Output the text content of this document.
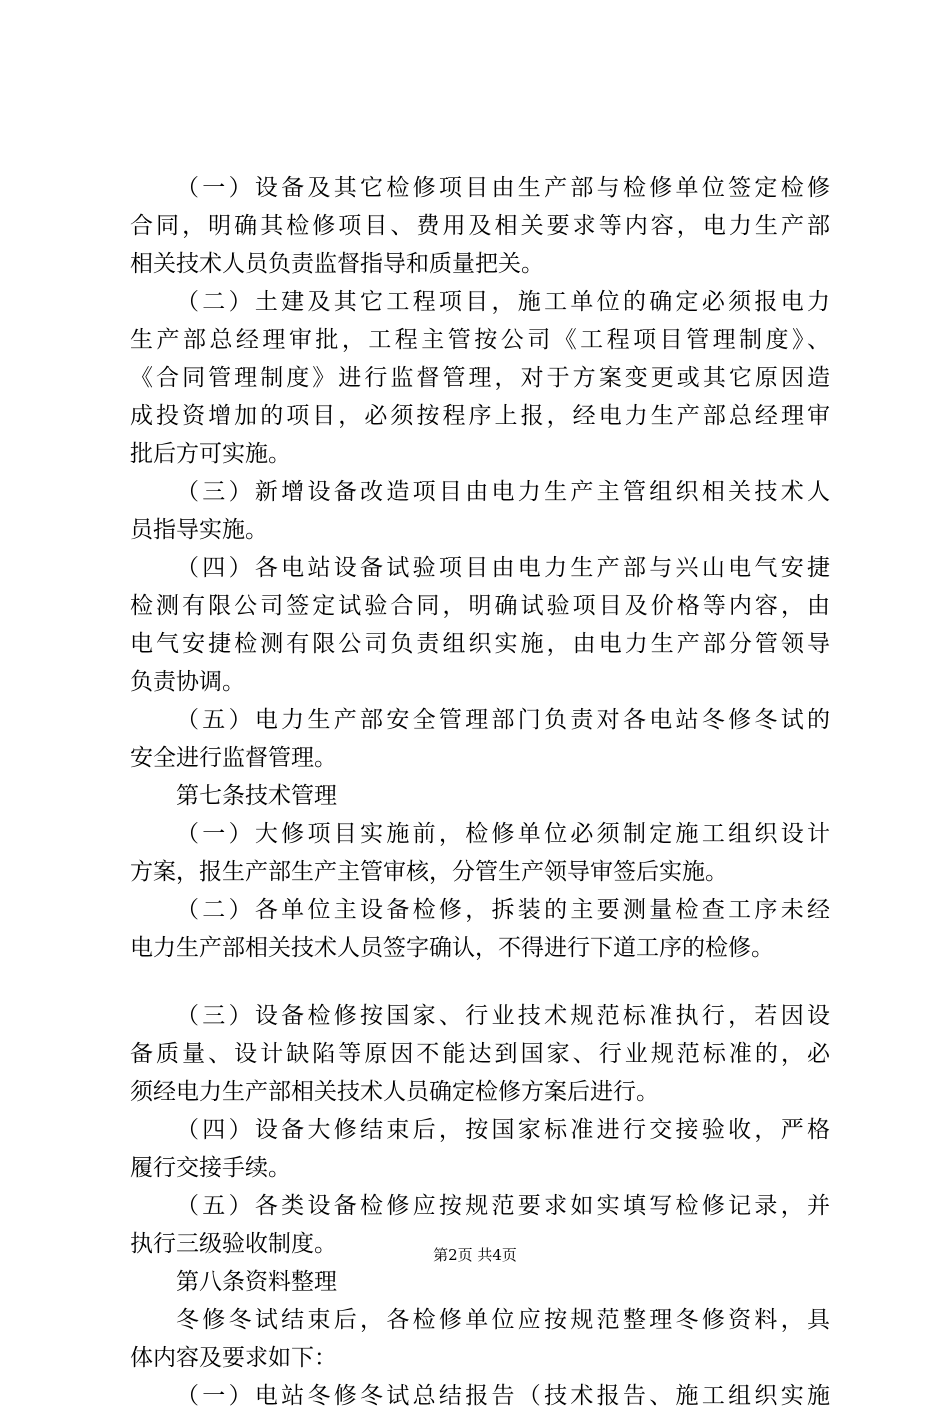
（一）设备及其它检修项目由生产部与检修单位签定检修
合同，明确其检修项目、费用及相关要求等内容，电力生产部
相关技术人员负责监督指导和质量把关。
（二）土建及其它工程项目，施工单位的确定必须报电力
生产部总经理审批，工程主管按公司《工程项目管理制度》、
《合同管理制度》进行监督管理，对于方案变更或其它原因造
成投资增加的项目，必须按程序上报，经电力生产部总经理审
批后方可实施。
（三）新增设备改造项目由电力生产主管组织相关技术人
员指导实施。
（四）各电站设备试验项目由电力生产部与兴山电气安捷
检测有限公司签定试验合同，明确试验项目及价格等内容，由
电气安捷检测有限公司负责组织实施，由电力生产部分管领导
负责协调。
（五）电力生产部安全管理部门负责对各电站冬修冬试的
安全进行监督管理。
第七条技术管理
（一）大修项目实施前，检修单位必须制定施工组织设计
方案，报生产部生产主管审核，分管生产领导审签后实施。
（二）各单位主设备检修，拆装的主要测量检查工序未经
电力生产部相关技术人员签字确认，不得进行下道工序的检修。
（三）设备检修按国家、行业技术规范标准执行，若因设
备质量、设计缺陷等原因不能达到国家、行业规范标准的，必
须经电力生产部相关技术人员确定检修方案后进行。
（四）设备大修结束后，按国家标准进行交接验收，严格
履行交接手续。
（五）各类设备检修应按规范要求如实填写检修记录，并
执行三级验收制度。
第八条资料整理
冬修冬试结束后，各检修单位应按规范整理冬修资料，具
体内容及要求如下：
（一）电站冬修冬试总结报告（技术报告、施工组织实施
第2页 共4页
